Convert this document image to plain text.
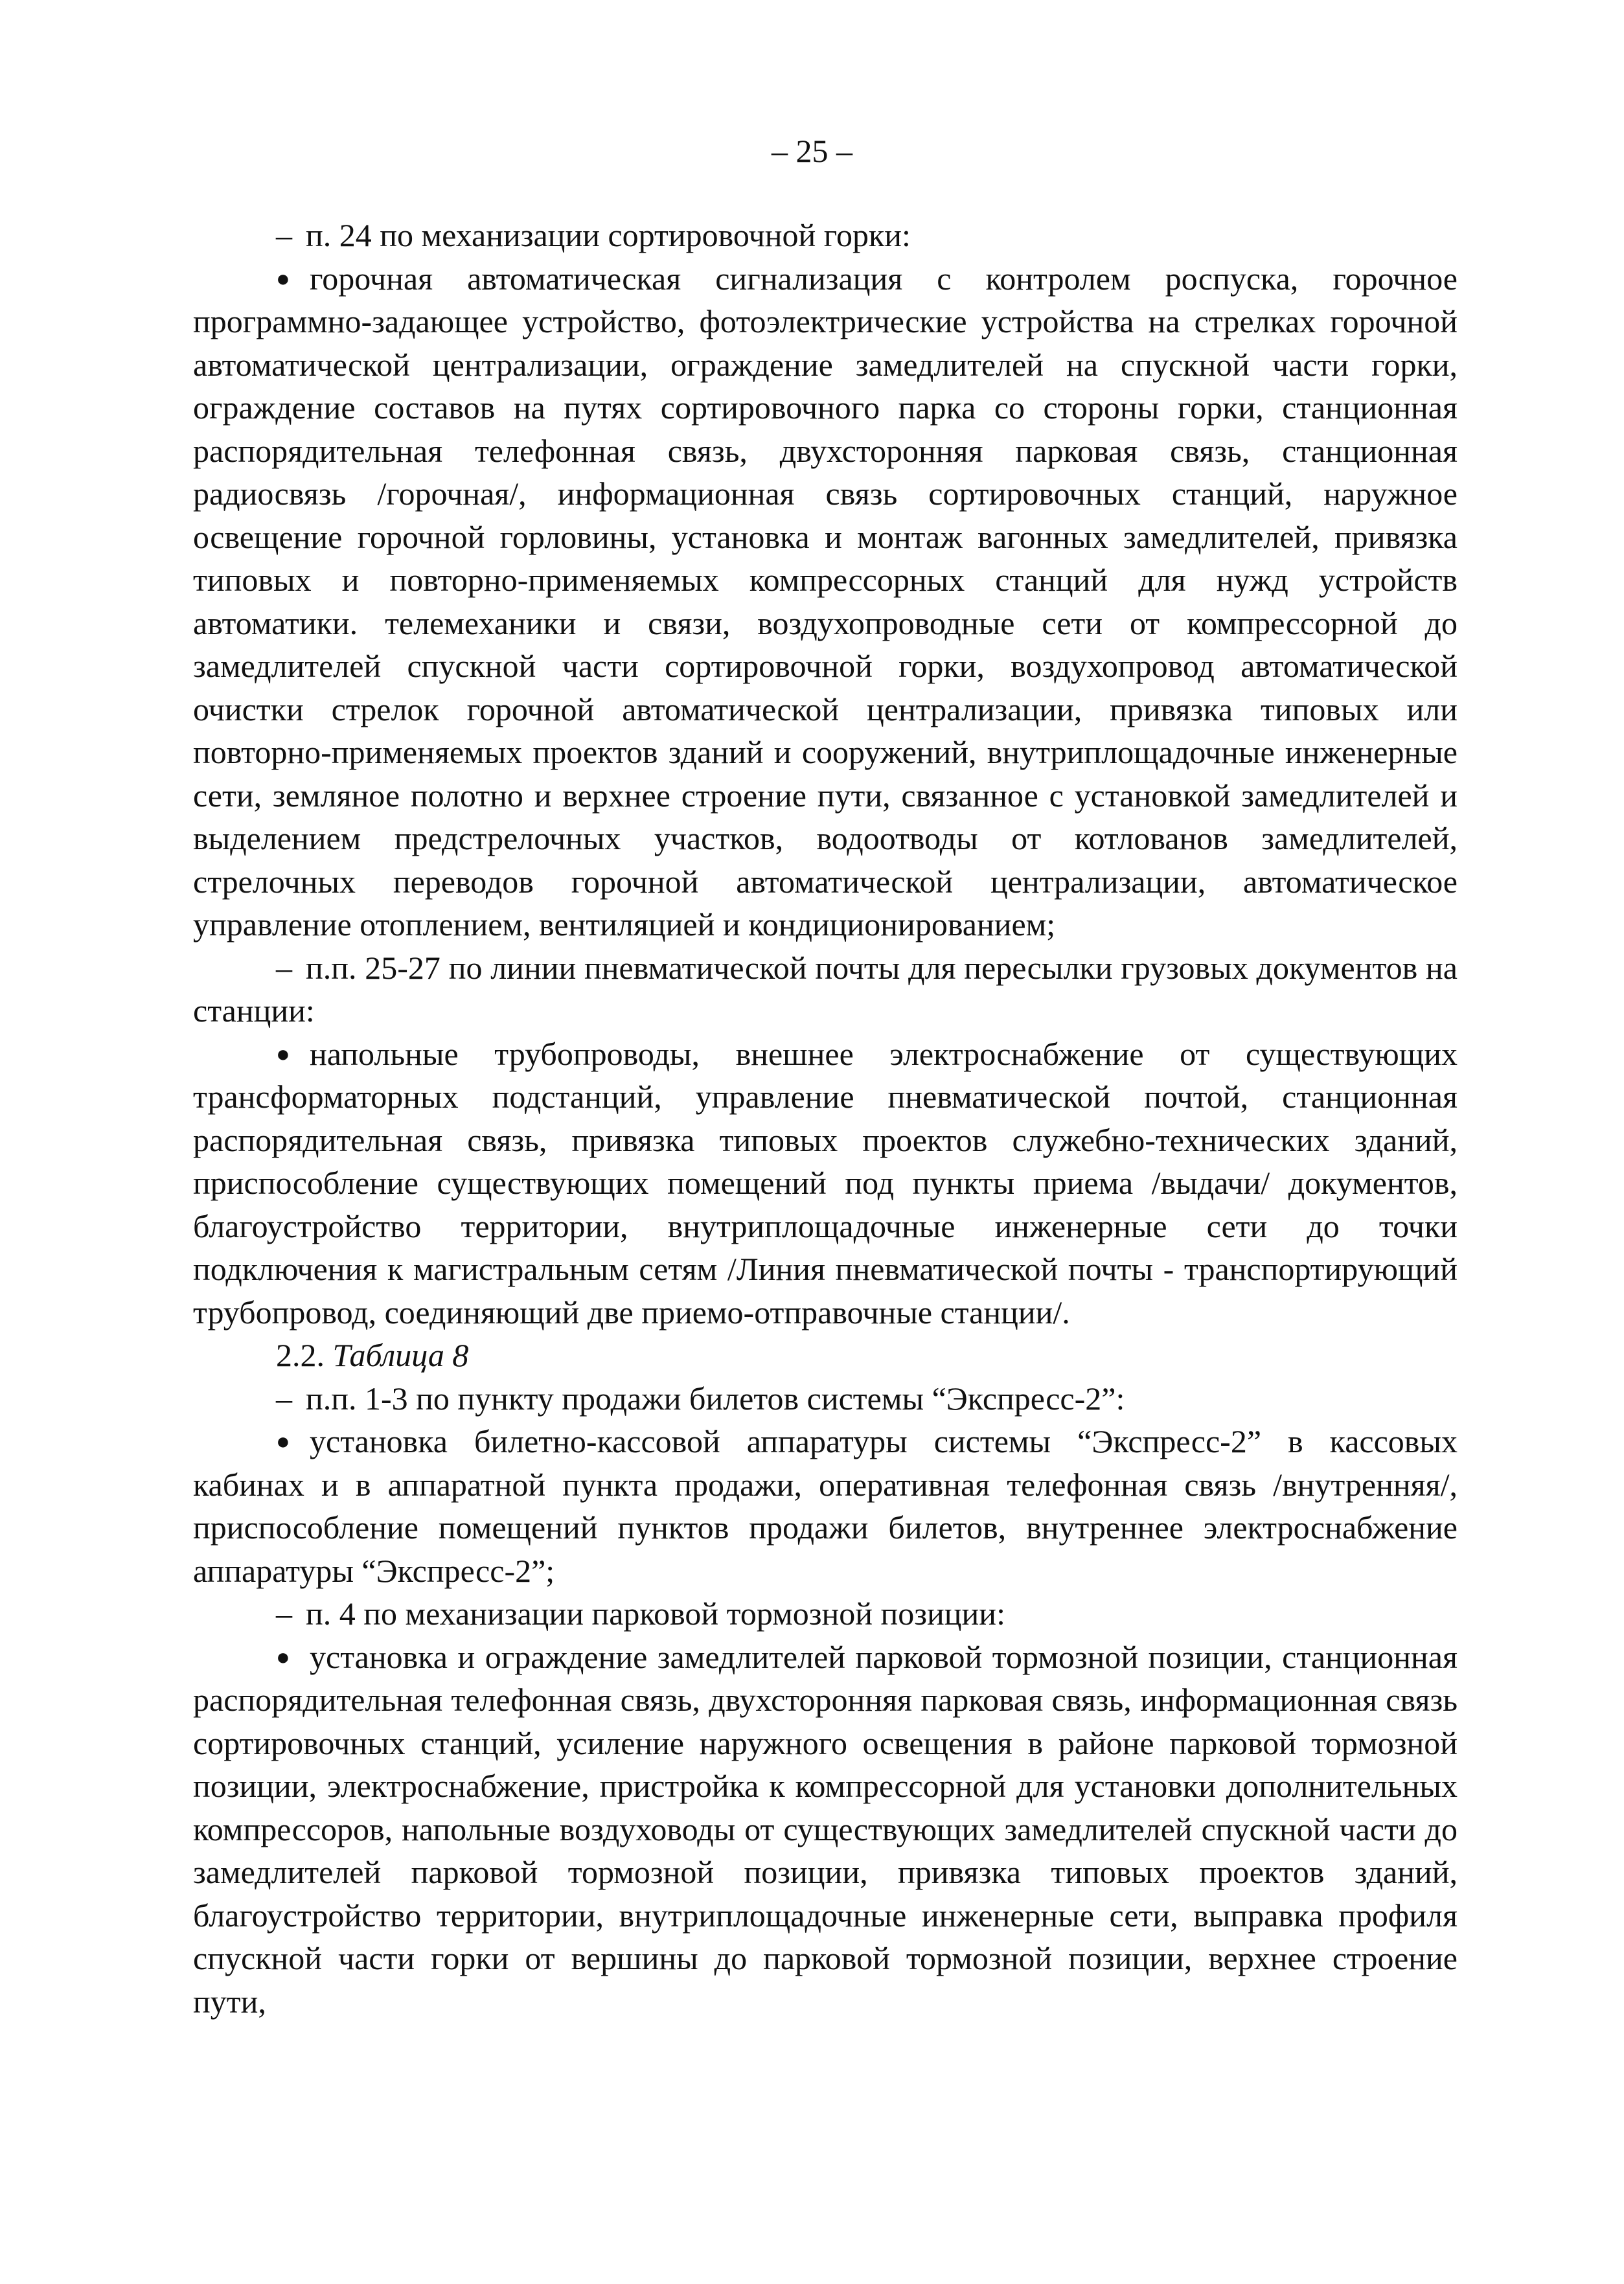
– 25 –

– п. 24 по механизации сортировочной горки:

● горочная автоматическая сигнализация с контролем роспуска, горочное программно-задающее устройство, фотоэлектрические устройства на стрелках горочной автоматической централизации, ограждение замедлителей на спускной части горки, ограждение составов на путях сортировочного парка со стороны горки, станционная распорядительная телефонная связь, двухсторонняя парковая связь, станционная радиосвязь /горочная/, информационная связь сортировочных станций, наружное освещение горочной горловины, установка и монтаж вагонных замедлителей, привязка типовых и повторно-применяемых компрессорных станций для нужд устройств автоматики. телемеханики и связи, воздухопроводные сети от компрессорной до замедлителей спускной части сортировочной горки, воздухопровод автоматической очистки стрелок горочной автоматической централизации, привязка типовых или повторно-применяемых проектов зданий и сооружений, внутриплощадочные инженерные сети, земляное полотно и верхнее строение пути, связанное с установкой замедлителей и выделением предстрелочных участков, водоотводы от котлованов замедлителей, стрелочных переводов горочной автоматической централизации, автоматическое управление отоплением, вентиляцией и кондиционированием;

– п.п. 25-27 по линии пневматической почты для пересылки грузовых документов на станции:

● напольные трубопроводы, внешнее электроснабжение от существующих трансформаторных подстанций, управление пневматической почтой, станционная распорядительная связь, привязка типовых проектов служебно-технических зданий, приспособление существующих помещений под пункты приема /выдачи/ документов, благоустройство территории, внутриплощадочные инженерные сети до точки подключения к магистральным сетям /Линия пневматической почты - транспортирующий трубопровод, соединяющий две приемо-отправочные станции/.

2.2. Таблица 8

– п.п. 1-3 по пункту продажи билетов системы “Экспресс-2”:

● установка билетно-кассовой аппаратуры системы “Экспресс-2” в кассовых кабинах и в аппаратной пункта продажи, оперативная телефонная связь /внутренняя/, приспособление помещений пунктов продажи билетов, внутреннее электроснабжение аппаратуры “Экспресс-2”;

– п. 4 по механизации парковой тормозной позиции:

● установка и ограждение замедлителей парковой тормозной позиции, станционная распорядительная телефонная связь, двухсторонняя парковая связь, информационная связь сортировочных станций, усиление наружного освещения в районе парковой тормозной позиции, электроснабжение, пристройка к компрессорной для установки дополнительных компрессоров, напольные воздуховоды от существующих замедлителей спускной части до замедлителей парковой тормозной позиции, привязка типовых проектов зданий, благоустройство территории, внутриплощадочные инженерные сети, выправка профиля спускной части горки от вершины до парковой тормозной позиции, верхнее строение пути,
